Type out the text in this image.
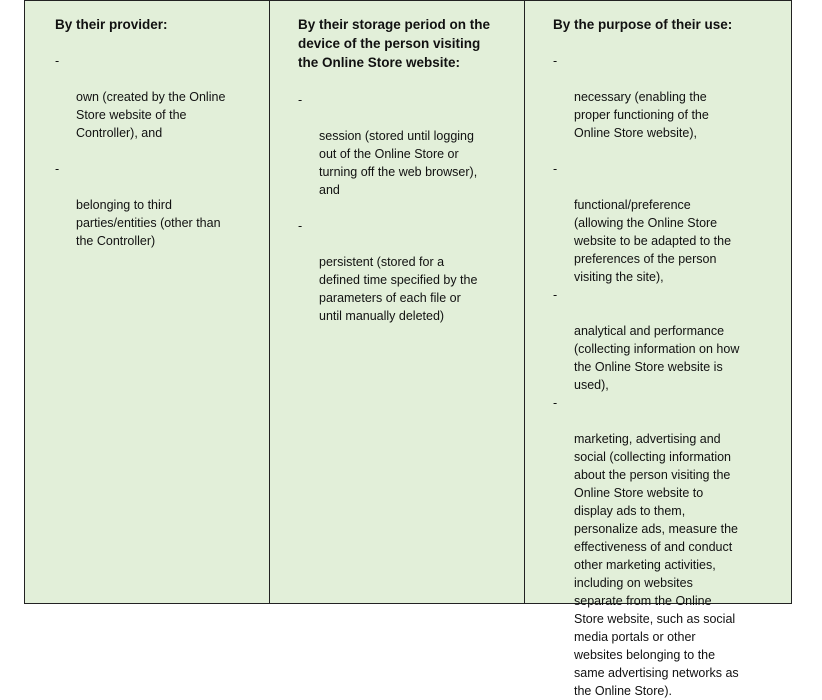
By their provider:

-

own (created by the Online
Store website of the
Controller), and

-

belonging to third
parties/entities (other than
the Controller)

By their storage period on the
device of the person visiting
the Online Store website:

-

session (stored until logging
out of the Online Store or
turning off the web browser),
and

-

persistent (stored for a
defined time specified by the
parameters of each file or
until manually deleted)

By the purpose of their use:

-

necessary (enabling the
proper functioning of the
Online Store website),

-

functional/preference
(allowing the Online Store
website to be adapted to the
preferences of the person
visiting the site),

-

analytical and performance
(collecting information on how
the Online Store website is
used),

-

marketing, advertising and
social (collecting information
about the person visiting the
Online Store website to
display ads to them,
personalize ads, measure the
effectiveness of and conduct
other marketing activities,
including on websites
separate from the Online
Store website, such as social
media portals or other
websites belonging to the
same advertising networks as
the Online Store).
